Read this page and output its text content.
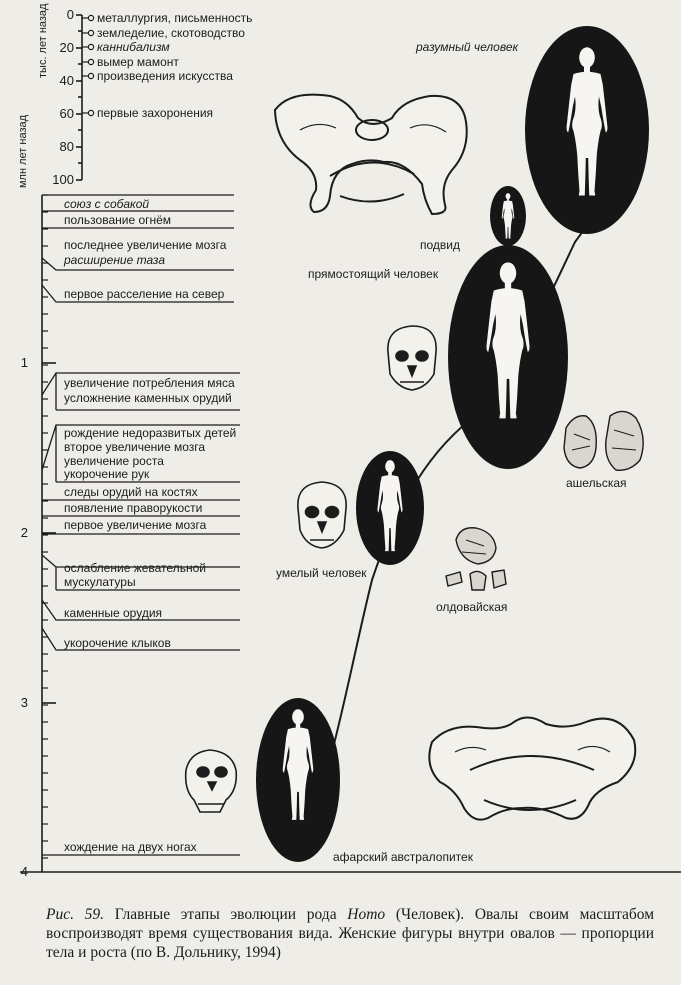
тыс. лет назад
млн лет назад
0
20
40
60
80
100
1
2
3
4
металлургия, письменность
земледелие, скотоводство
каннибализм
вымер мамонт
произведения искусства
первые захоронения
союз с собакой
пользование огнём
последнее увеличение мозга
расширение таза
первое расселение на север
увеличение потребления мяса
усложнение каменных орудий
рождение недоразвитых детей
второе увеличение мозга
увеличение роста
укорочение рук
следы орудий на костях
появление праворукости
первое увеличение мозга
ослабление жевательной
мускулатуры
каменные орудия
укорочение клыков
хождение на двух ногах
разумный человек
подвид
прямостоящий человек
умелый человек
афарский австралопитек
ашельская
олдовайская

Рис. 59. Главные этапы эволюции рода Homo (Человек). Овалы своим масштабом воспроизводят время существования вида. Женские фигуры внутри овалов — пропорции тела и роста (по В. Дольнику, 1994)
